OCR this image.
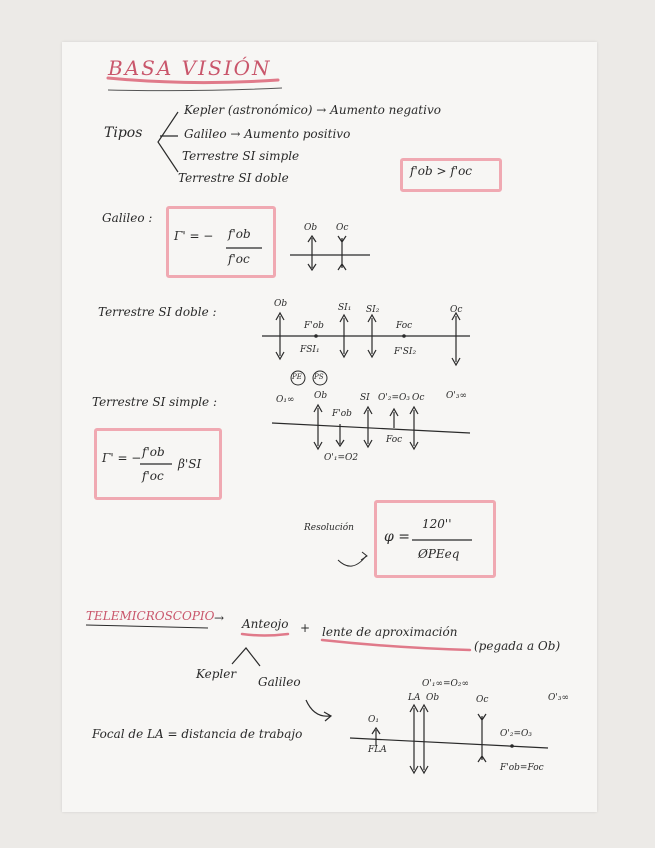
BASA VISIÓN
Tipos
Kepler (astronómico) → Aumento negativo
Galileo → Aumento positivo
Terrestre SI simple
Terrestre SI doble	f'ob > f'oc
Galileo :
Γ' = − f'ob
f'oc
Ob Oc
Terrestre SI doble :
Ob	SI₁ SI₂	Oc
F'ob	Foc
FSI₁	F'SI₂
Terrestre SI simple :
PE PS
O₁∞ Ob	SI O'₂=O₃ Oc O'₃∞
F'ob
Foc
O'₁=O2
Γ' = − f'ob
f'oc
β'SI
Resolución
φ =
120''
ØPEeq
TELEMICROSCOPIO → Anteojo + lente de aproximación
(pegada a Ob)
Kepler
Galileo	O'₁∞=O₂∞
LA Ob	Oc	O'₃∞
O₁
FLA
O'₂=O₃
F'ob=Foc
Focal de LA = distancia de trabajo
